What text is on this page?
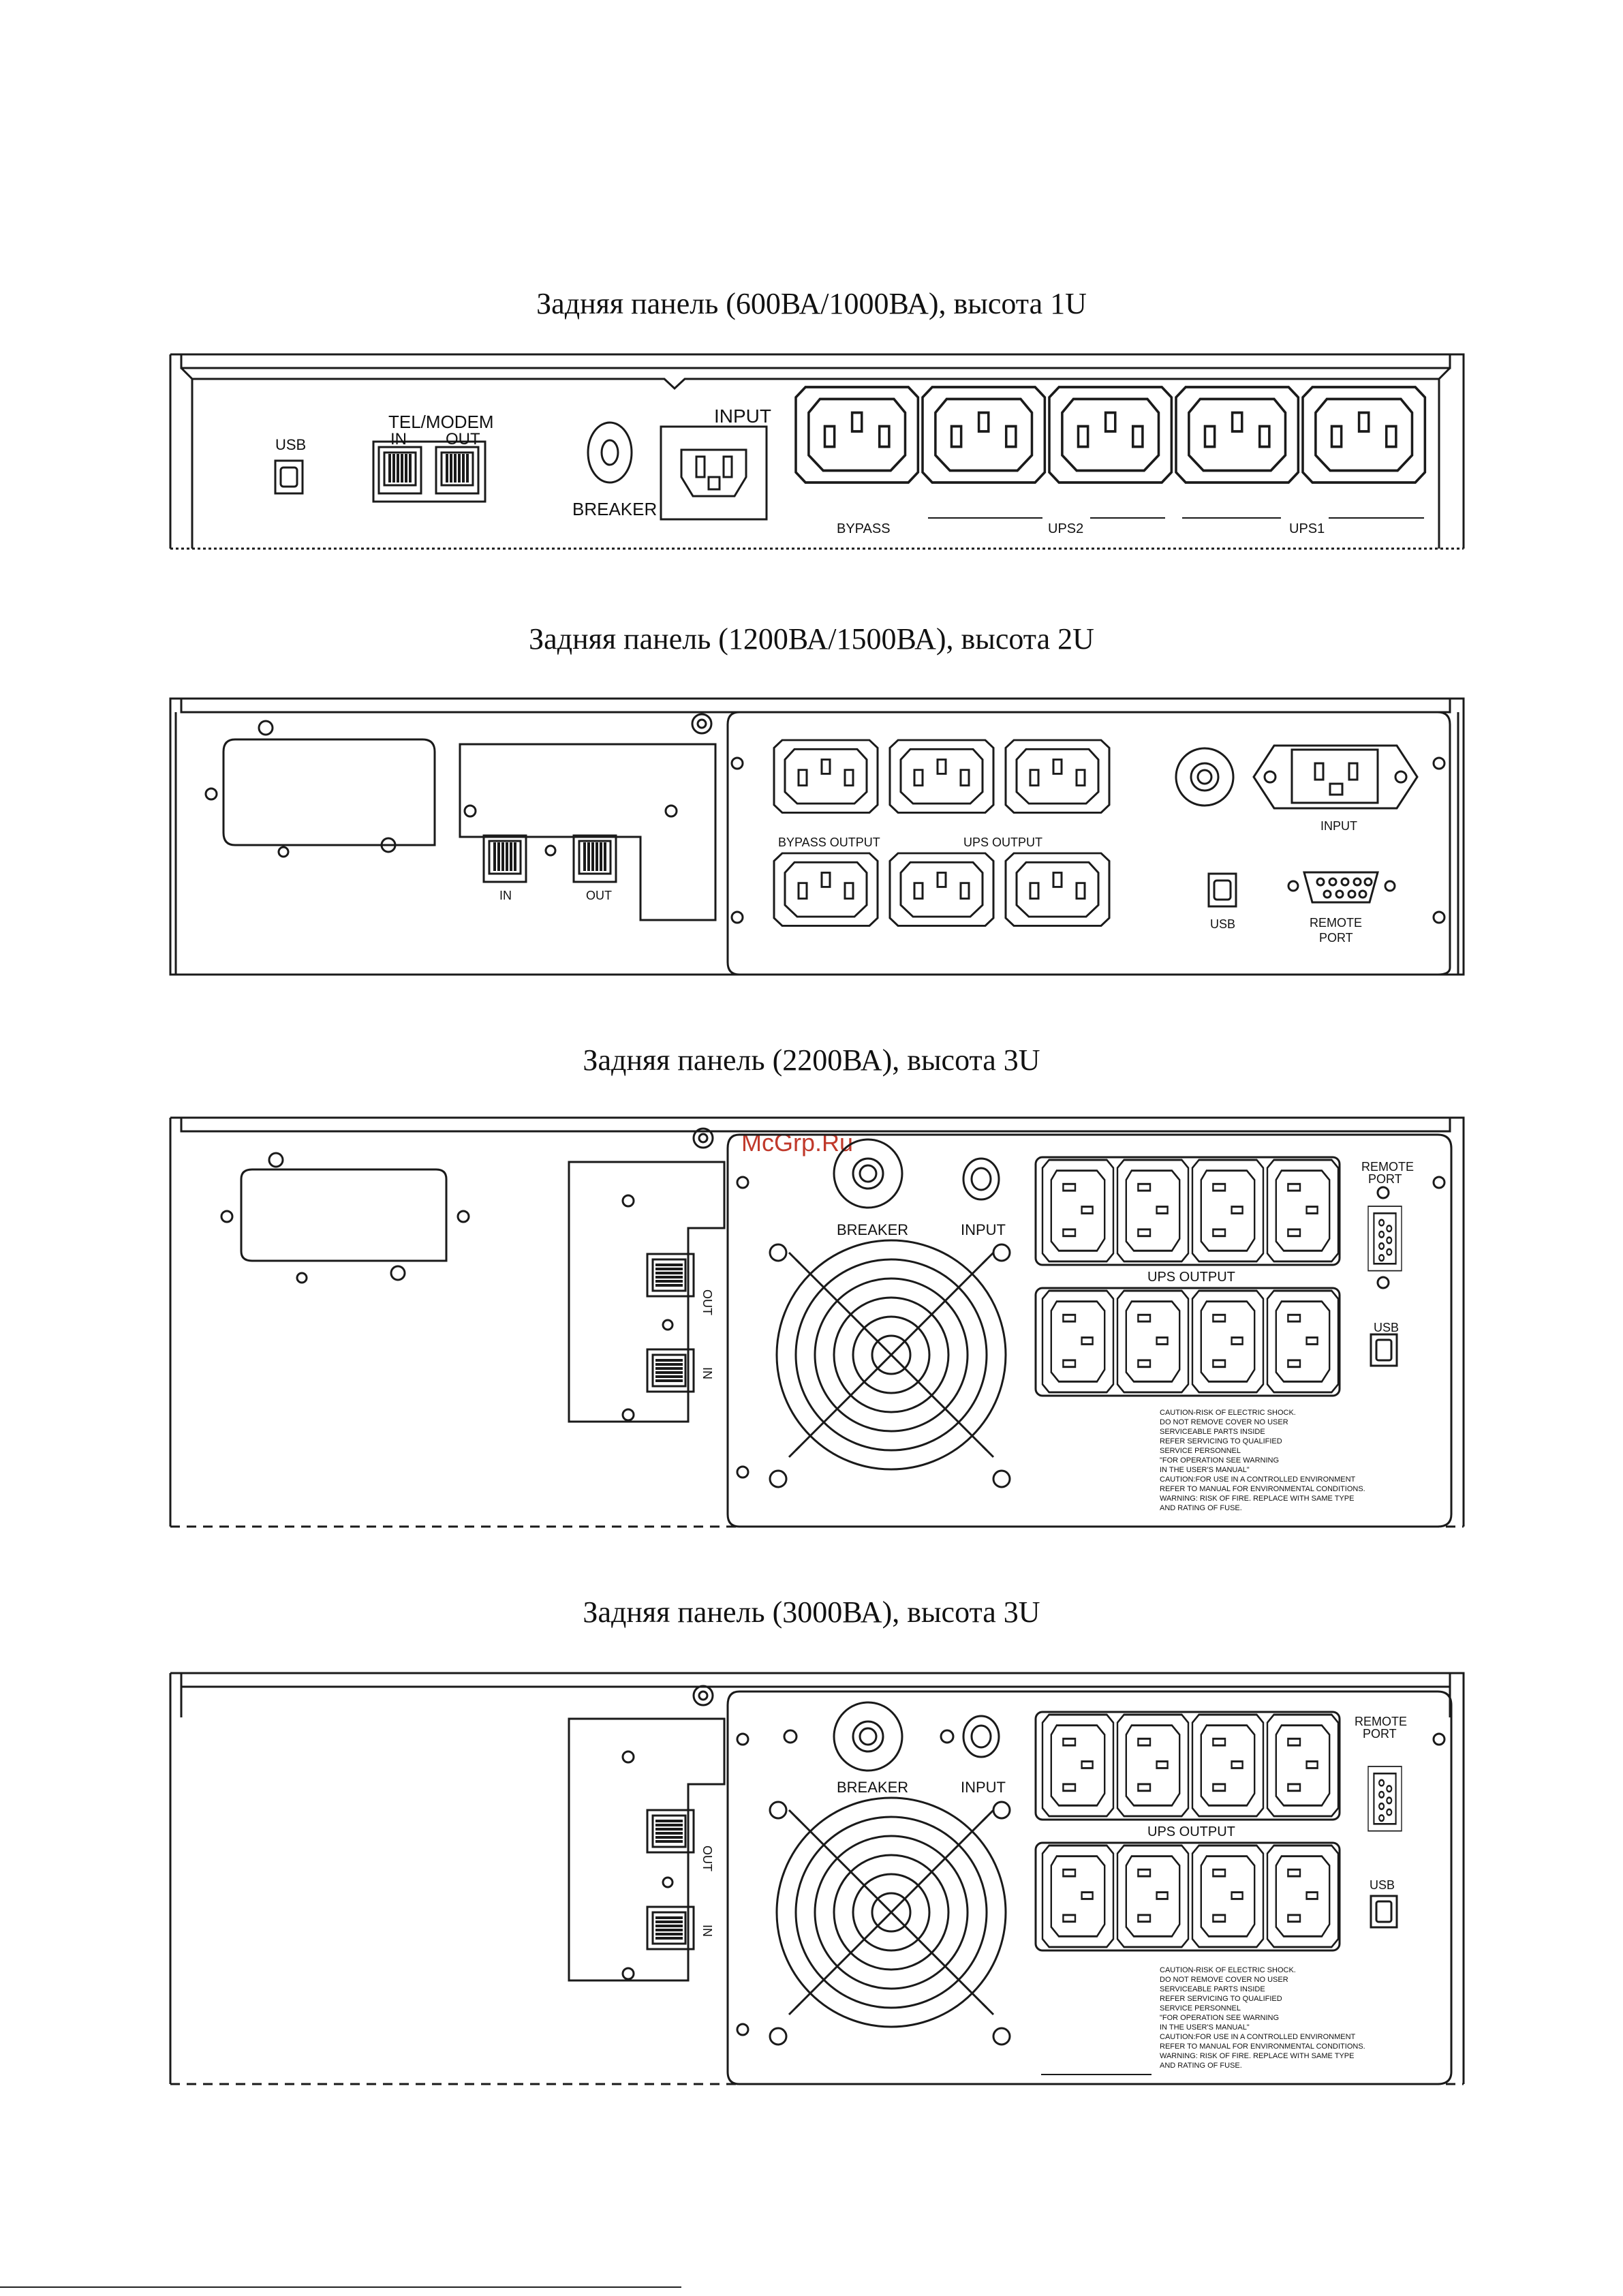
Задняя панель (600ВА/1000ВА), высота 1U
Задняя панель (1200ВА/1500ВА), высота 2U
Задняя панель (2200ВА), высота 3U
Задняя панель (3000ВА), высота 3U

McGrp.Ru

USB
TEL/MODEM
IN OUT
BREAKER
INPUT
BYPASS	UPS2	UPS1
BYPASS OUTPUT	UPS OUTPUT
IN	OUT
INPUT
USB	REMOTE
PORT
BREAKER	INPUT
UPS OUTPUT
REMOTE
PORT
USB
OUT
IN
CAUTION-RISK OF ELECTRIC SHOCK.
DO NOT REMOVE COVER NO USER
SERVICEABLE PARTS INSIDE
REFER SERVICING TO QUALIFIED
SERVICE PERSONNEL
"FOR OPERATION SEE WARNING
IN THE USER'S MANUAL"
CAUTION:FOR USE IN A CONTROLLED ENVIRONMENT
REFER TO MANUAL FOR ENVIRONMENTAL CONDITIONS.
WARNING: RISK OF FIRE. REPLACE WITH SAME TYPE
AND RATING OF FUSE.
BREAKER	INPUT
UPS OUTPUT
REMOTE
PORT
USB
OUT
IN
CAUTION-RISK OF ELECTRIC SHOCK.
DO NOT REMOVE COVER NO USER
SERVICEABLE PARTS INSIDE
REFER SERVICING TO QUALIFIED
SERVICE PERSONNEL
"FOR OPERATION SEE WARNING
IN THE USER'S MANUAL"
CAUTION:FOR USE IN A CONTROLLED ENVIRONMENT
REFER TO MANUAL FOR ENVIRONMENTAL CONDITIONS.
WARNING: RISK OF FIRE. REPLACE WITH SAME TYPE
AND RATING OF FUSE.
